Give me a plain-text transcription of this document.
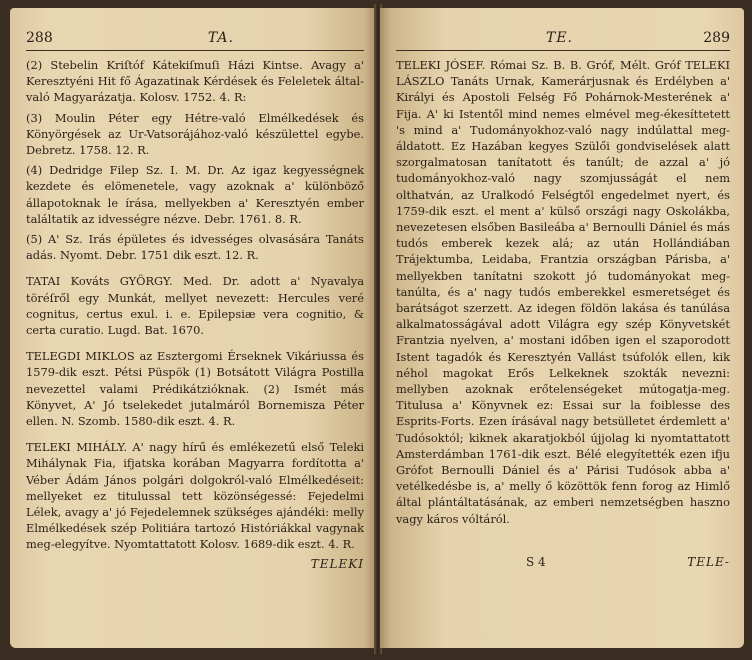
288	TA.

(2) Stebelin Kriſtóf Kátekiſmuſi Házi Kintse. Avagy a' Keresztyéni Hit fő Ágazatinak Kérdések és Feleletek által-való Magyarázatja. Kolosv. 1752. 4. R:

(3) Moulin Péter egy Hétre-való Elmélkedések és Könyörgések az Ur-Vatsorájához-való készülettel egybe. Debretz. 1758. 12. R.

(4) Dedridge Filep Sz. I. M. Dr. Az igaz kegyességnek kezdete és elömenetele, vagy azoknak a' különböző állapotoknak le írása, mellyekben a' Keresztyén ember találtatik az idvességre nézve. Debr. 1761. 8. R.

(5) A' Sz. Irás épületes és idvességes olvasására Tanáts adás. Nyomt. Debr. 1751 dik eszt. 12. R.

TATAI Kováts GYÖRGY. Med. Dr. adott a' Nyavalya töréſről egy Munkát, mellyet nevezett: Hercules veré cognitus, certus exul. i. e. Epilepsiæ vera cognitio, & certa curatio. Lugd. Bat. 1670.

TELEGDI MIKLOS az Esztergomi Érseknek Vikáriussa és 1579-dik eszt. Pétsi Püspök (1) Botsátott Világra Postilla nevezettel valami Prédikátzióknak. (2) Ismét más Könyvet, A' Jó tselekedet jutalmáról Bornemisza Péter ellen. N. Szomb. 1580-dik eszt. 4. R.

TELEKI MIHÁLY. A' nagy hírű és emlékezetű első Teleki Mihálynak Fia, ifjatska korában Magyarra fordította a' Véber Ádám János polgári dolgokról-való Elmélkedéseit: mellyeket ez titulussal tett közönségessé: Fejedelmi Lélek, avagy a' jó Fejedelemnek szükséges ajándéki: melly Elmélkedések szép Politiára tartozó Históriákkal vagynak meg-elegyítve. Nyomtattatott Kolosv. 1689-dik eszt. 4. R.

TELEKI
TE.	289

TELEKI JÓSEF. Római Sz. B. B. Gróf, Mélt. Gróf TELEKI LÁSZLO Tanáts Urnak, Kamerárjusnak és Erdélyben a' Királyi és Apostoli Felség Fő Pohárnok-Mesterének a' Fija. A' ki Istentől mind nemes elmével meg-ékesíttetett 's mind a' Tudományokhoz-való nagy indúlattal meg-áldatott. Ez Hazában kegyes Szülői gondviselések alatt szorgalmatosan tanítatott és tanúlt; de azzal a' jó tudományokhoz-való nagy szomjusságát el nem olthatván, az Uralkodó Felségtől engedelmet nyert, és 1759-dik eszt. el ment a' külső országi nagy Oskolákba, nevezetesen elsőben Basileába a' Bernoulli Dániel és más tudós emberek kezek alá; az után Hollándiában Trájektumba, Leidaba, Frantzia országban Párisba, a' mellyekben tanítatni szokott jó tudományokat meg-tanúlta, és a' nagy tudós emberekkel esmeretséget és barátságot szerzett. Az idegen földön lakása és tanúlása alkalmatosságával adott Világra egy szép Könyvetskét Frantzia nyelven, a' mostani időben igen el szaporodott Istent tagadók és Keresztyén Vallást tsúfolók ellen, kik néhol magokat Erős Lelkeknek szokták nevezni: mellyben azoknak erőtelenségeket mútogatja-meg. Titulusa a' Könyvnek ez: Essai sur la foiblesse des Esprits-Forts. Ezen írásával nagy betsülletet érdemlett a' Tudósoktól; kiknek akaratjokból újjolag ki nyomtattatott Amsterdámban 1761-dik eszt. Bélé elegyítették ezen ifju Grófot Bernoulli Dániel és a' Párisi Tudósok abba a' vetélkedésbe is, a' melly ő közöttök fenn forog az Himlő által plántáltatásának, az emberi nemzetségben haszno vagy káros vóltáról.

S 4	TELE-
